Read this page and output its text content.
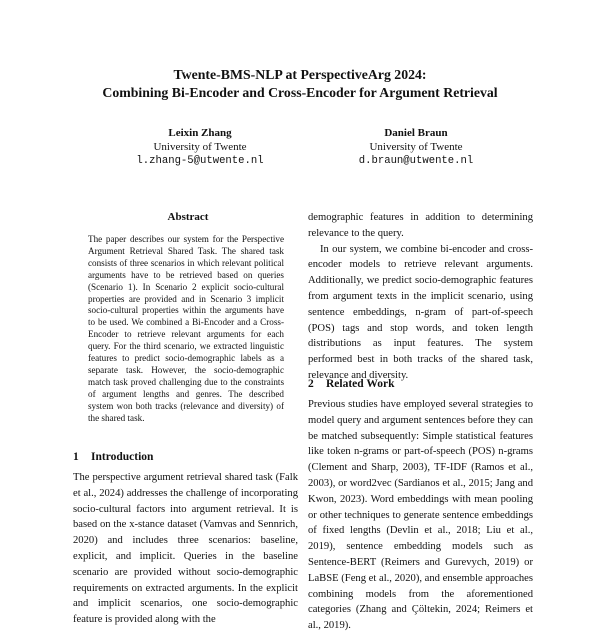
Twente-BMS-NLP at PerspectiveArg 2024:
Combining Bi-Encoder and Cross-Encoder for Argument Retrieval
Leixin Zhang
University of Twente
l.zhang-5@utwente.nl
Daniel Braun
University of Twente
d.braun@utwente.nl
Abstract
The paper describes our system for the Perspective Argument Retrieval Shared Task. The shared task consists of three scenarios in which relevant political arguments have to be retrieved based on queries (Scenario 1). In Scenario 2 explicit socio-cultural properties are provided and in Scenario 3 implicit socio-cultural properties within the arguments have to be used. We combined a Bi-Encoder and a Cross-Encoder to retrieve relevant arguments for each query. For the third scenario, we extracted linguistic features to predict socio-demographic labels as a separate task. However, the socio-demographic match task proved challenging due to the constraints of argument lengths and genres. The described system won both tracks (relevance and diversity) of the shared task.
1 Introduction

The perspective argument retrieval shared task (Falk et al., 2024) addresses the challenge of incorporating socio-cultural factors into argument retrieval. It is based on the x-stance dataset (Vamvas and Sennrich, 2020) and includes three scenarios: baseline, explicit, and implicit. Queries in the baseline scenario are provided without socio-demographic requirements on extracted arguments. In the explicit and implicit scenarios, one socio-demographic feature is provided along with the

demographic features in addition to determining relevance to the query.

In our system, we combine bi-encoder and cross-encoder models to retrieve relevant arguments. Additionally, we predict socio-demographic features from argument texts in the implicit scenario, using sentence embeddings, n-gram of part-of-speech (POS) tags and stop words, and token length distributions as input features. The system performed best in both tracks of the shared task, relevance and diversity.

2 Related Work

Previous studies have employed several strategies to model query and argument sentences before they can be matched subsequently: Simple statistical features like token n-grams or part-of-speech (POS) n-grams (Clement and Sharp, 2003), TF-IDF (Ramos et al., 2003), or word2vec (Sardianos et al., 2015; Jang and Kwon, 2023). Word embeddings with mean pooling or other techniques to generate sentence embeddings of fixed lengths (Devlin et al., 2018; Liu et al., 2019), sentence embedding models such as Sentence-BERT (Reimers and Gurevych, 2019) or LaBSE (Feng et al., 2020), and ensemble approaches combining models from the aforementioned categories (Zhang and Çöltekin, 2024; Reimers et al., 2019).
